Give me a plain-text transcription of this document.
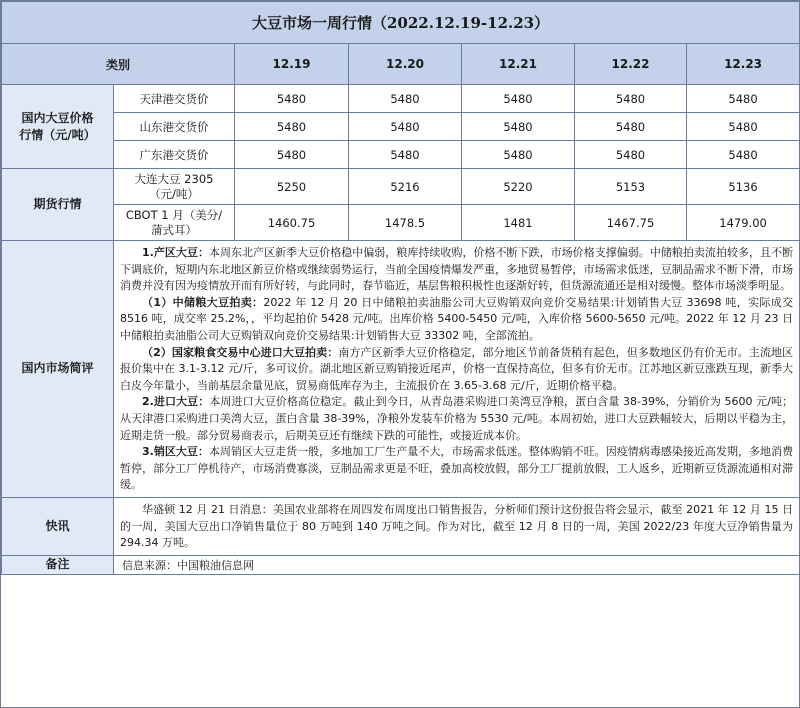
大豆市场一周行情（2022.12.19-12.23）						
类别		12.19	12.20	12.21	12.22	12.23
国内大豆价格行情（元/吨）	天津港交货价	5480	5480	5480	5480	5480
	山东港交货价	5480	5480	5480	5480	5480
	广东港交货价	5480	5480	5480	5480	5480
期货行情	大连大豆 2305（元/吨）	5250	5216	5220	5153	5136
	CBOT 1 月（美分/蒲式耳）	1460.75	1478.5	1481	1467.75	1479.00
国内市场简评	1.产区大豆：本周东北产区新季大豆价格稳中偏弱，粮库持续收购，价格不断下跌，市场价格支撑偏弱。中储粮拍卖流拍较多，且不断下调底价，短期内东北地区新豆价格或继续弱势运行，当前全国疫情爆发严重，多地贸易暂停，市场需求低迷，豆制品需求不断下滑，市场消费并没有因为疫情放开而有所好转，与此同时，春节临近，基层售粮积极性也逐渐好转，但货源流通还是相对缓慢。整体市场淡季明显。

（1）中储粮大豆拍卖：2022 年 12 月 20 日中储粮拍卖油脂公司大豆购销双向竞价交易结果:计划销售大豆 33698 吨，实际成交 8516 吨，成交率 25.2%，，平均起拍价 5428 元/吨。出库价格 5400-5450 元/吨，入库价格 5600-5650 元/吨。2022 年 12 月 23 日中储粮拍卖油脂公司大豆购销双向竞价交易结果:计划销售大豆 33302 吨，全部流拍。

（2）国家粮食交易中心进口大豆拍卖：南方产区新季大豆价格稳定，部分地区节前备货稍有起色，但多数地区仍有价无市。主流地区报价集中在 3.1-3.12 元/斤，多可议价。湖北地区新豆购销接近尾声，价格一直保持高位，但多有价无市。江苏地区新豆涨跌互现，新季大白皮今年量小，当前基层余量见底，贸易商低库存为主，主流报价在 3.65-3.68 元/斤，近期价格平稳。

2.进口大豆：本周进口大豆价格高位稳定。截止到今日，从青岛港采购进口美湾豆净粮，蛋白含量 38-39%，分销价为 5600 元/吨；从天津港口采购进口美湾大豆，蛋白含量 38-39%，净粮外发装车价格为 5530 元/吨。本周初始，进口大豆跌幅较大，后期以平稳为主，近期走货一般。部分贸易商表示，后期美豆还有继续下跌的可能性，或接近成本价。

3.销区大豆：本周销区大豆走货一般，多地加工厂生产量不大，市场需求低迷。整体购销不旺。因疫情病毒感染接近高发期，多地消费暂停，部分工厂停机待产，市场消费寡淡，豆制品需求更是不旺，叠加高校放假，部分工厂提前放假，工人返乡，近期新豆货源流通相对滞缓。					

快讯	华盛顿 12 月 21 日消息：美国农业部将在周四发布周度出口销售报告，分析师们预计这份报告将会显示，截至 2021 年 12 月 15 日的一周，美国大豆出口净销售量位于 80 万吨到 140 万吨之间。作为对比，截至 12 月 8 日的一周，美国 2022/23 年度大豆净销售量为 294.34 万吨。					

备注	信息来源：中国粮油信息网					
